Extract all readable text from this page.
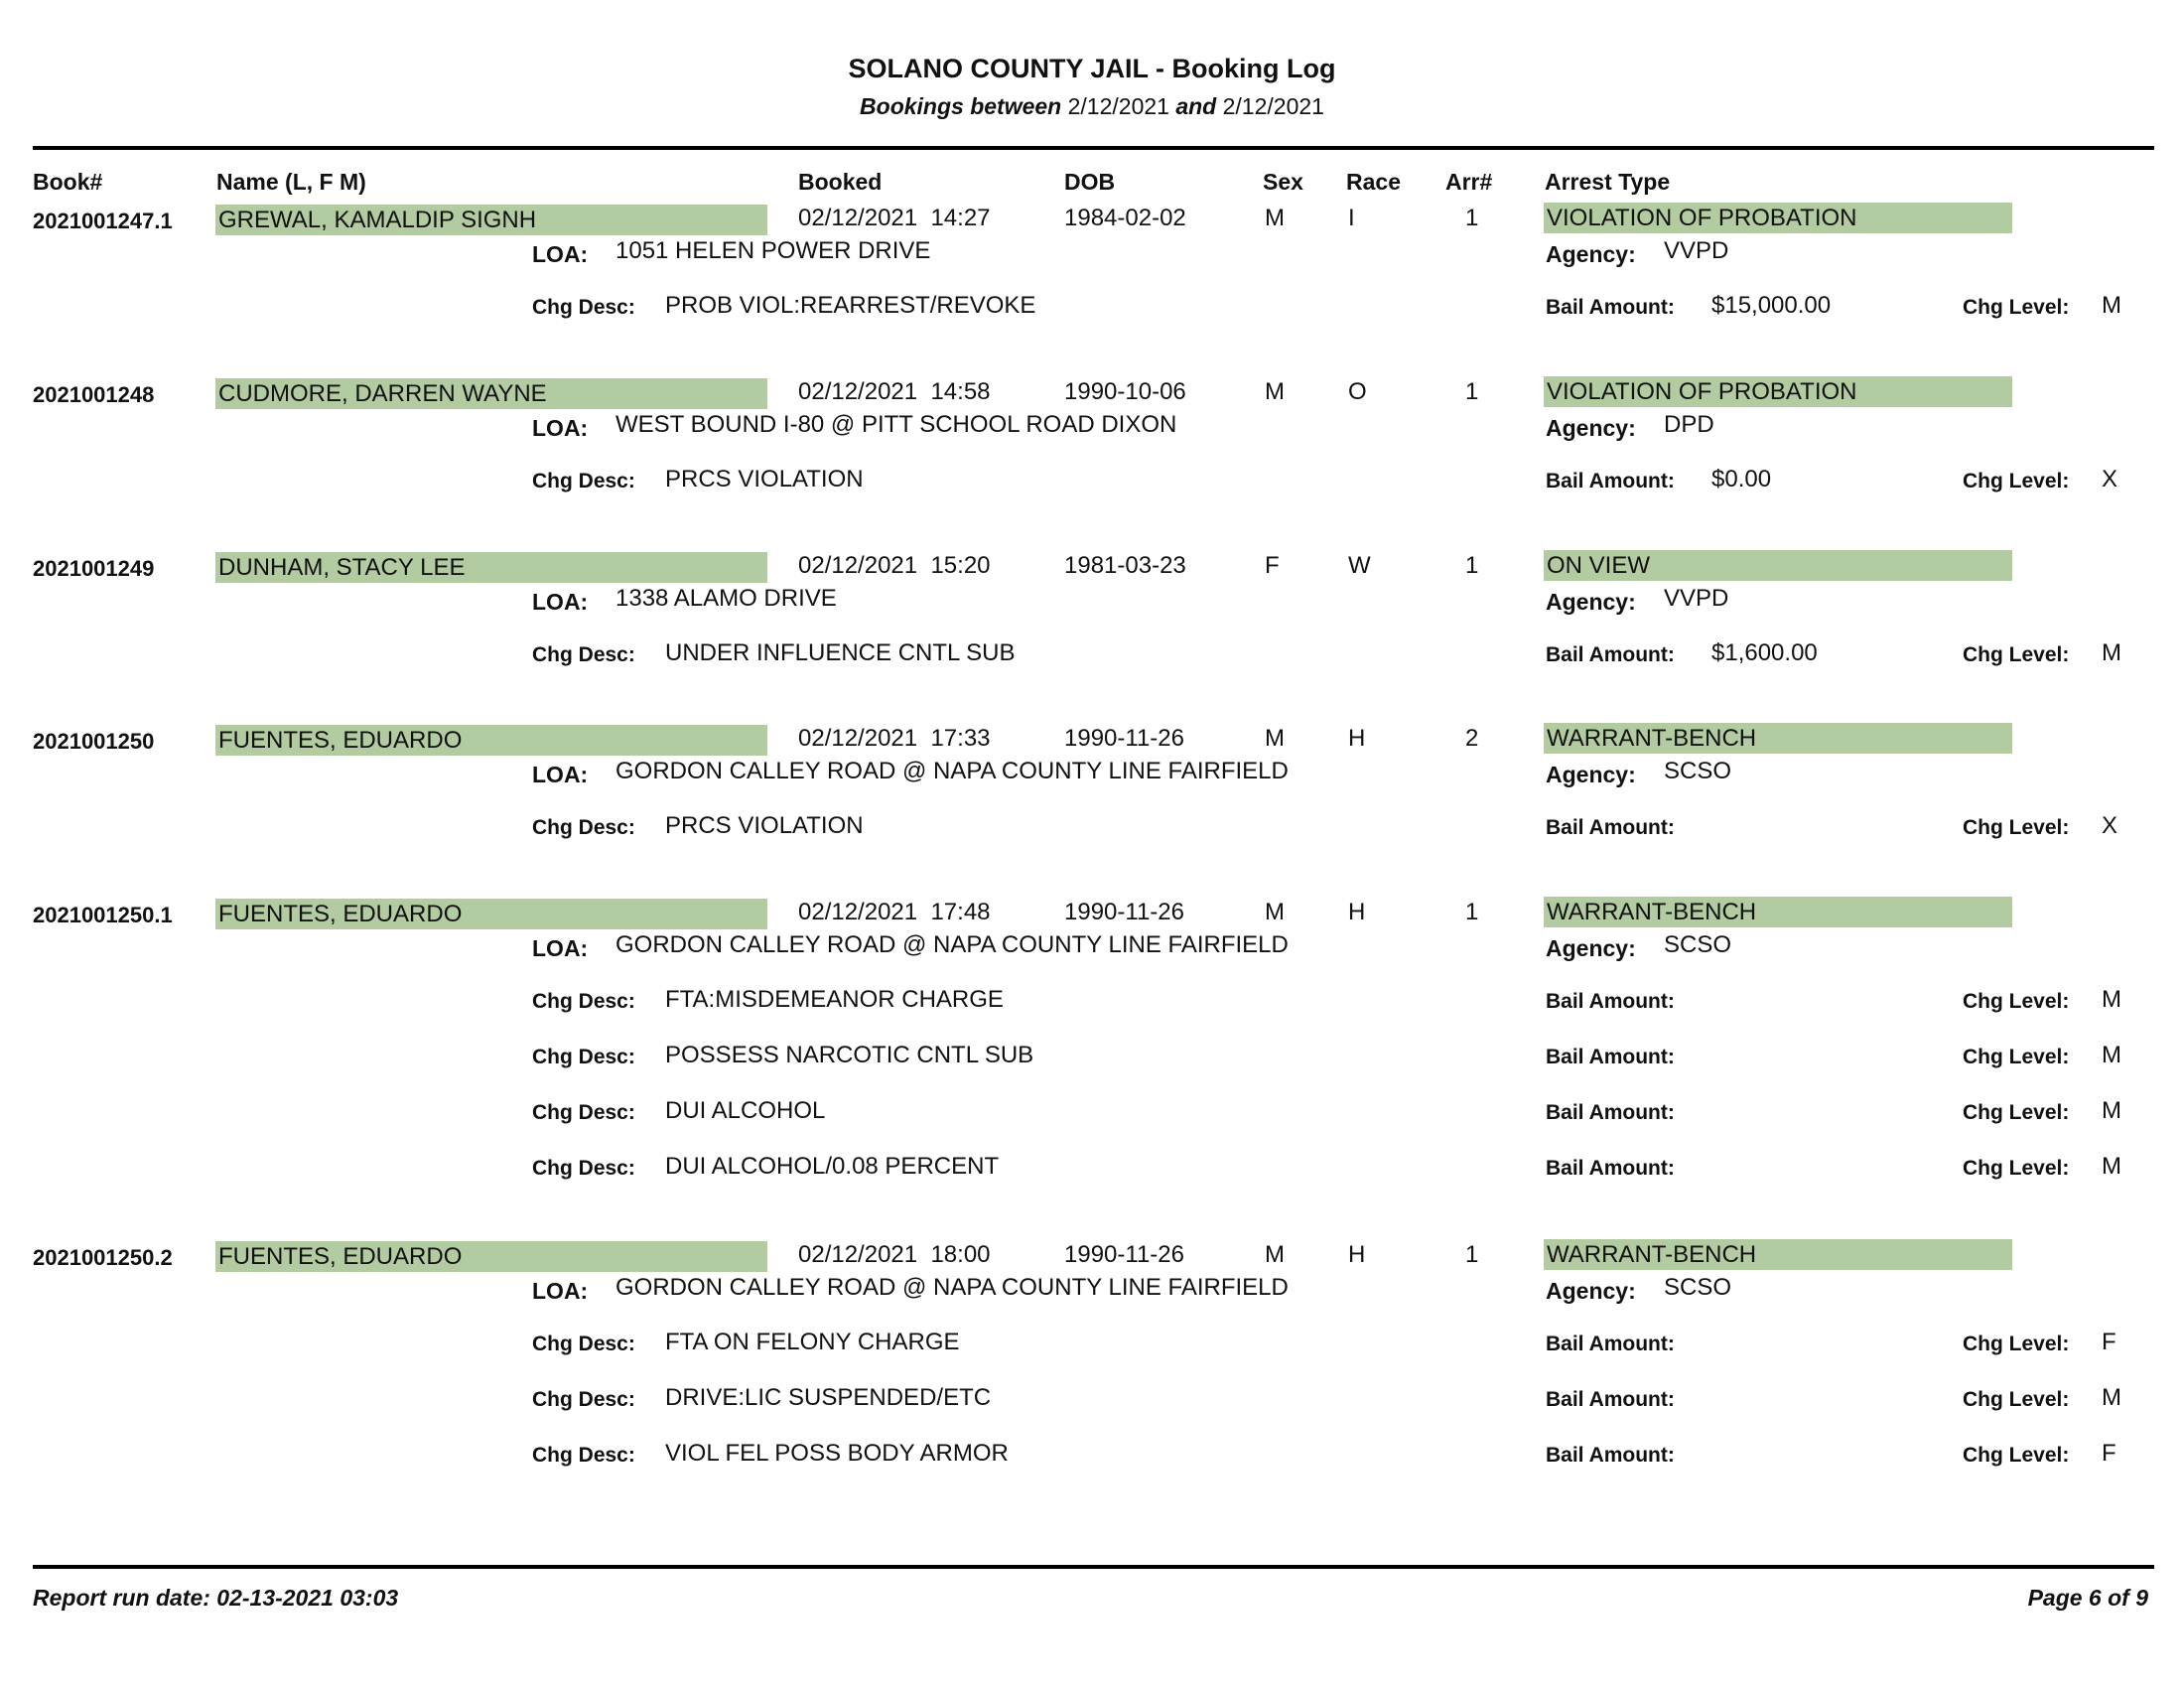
SOLANO COUNTY JAIL - Booking Log
Bookings between 2/12/2021 and 2/12/2021
Book#	Name (L, F M)	Booked	DOB	Sex Race Arr# Arrest Type
2021001247.1 GREWAL, KAMALDIP SIGNH	02/12/2021  14:27	1984-02-02	M	I	1	VIOLATION OF PROBATION
LOA: 1051 HELEN POWER DRIVE	Agency: VVPD
Chg Desc: PROB VIOL:REARREST/REVOKE	Bail Amount: $15,000.00	Chg Level: M
2021001248	CUDMORE, DARREN WAYNE	02/12/2021  14:58	1990-10-06	M	O	1	VIOLATION OF PROBATION
LOA: WEST BOUND I-80 @ PITT SCHOOL ROAD DIXON	Agency: DPD
Chg Desc: PRCS VIOLATION	Bail Amount: $0.00	Chg Level: X
2021001249	DUNHAM, STACY LEE	02/12/2021  15:20	1981-03-23	F	W	1	ON VIEW
LOA: 1338 ALAMO DRIVE	Agency: VVPD
Chg Desc: UNDER INFLUENCE CNTL SUB	Bail Amount: $1,600.00	Chg Level: M
2021001250	FUENTES, EDUARDO	02/12/2021  17:33	1990-11-26	M	H	2	WARRANT-BENCH
LOA: GORDON CALLEY ROAD @ NAPA COUNTY LINE FAIRFIELD	Agency: SCSO
Chg Desc: PRCS VIOLATION	Bail Amount:	Chg Level: X
2021001250.1 FUENTES, EDUARDO	02/12/2021  17:48	1990-11-26	M	H	1	WARRANT-BENCH
LOA: GORDON CALLEY ROAD @ NAPA COUNTY LINE FAIRFIELD	Agency: SCSO
Chg Desc: FTA:MISDEMEANOR CHARGE	Bail Amount:	Chg Level: M
Chg Desc: POSSESS NARCOTIC CNTL SUB	Bail Amount:	Chg Level: M
Chg Desc: DUI ALCOHOL	Bail Amount:	Chg Level: M
Chg Desc: DUI ALCOHOL/0.08 PERCENT	Bail Amount:	Chg Level: M
2021001250.2 FUENTES, EDUARDO	02/12/2021  18:00	1990-11-26	M	H	1	WARRANT-BENCH
LOA: GORDON CALLEY ROAD @ NAPA COUNTY LINE FAIRFIELD	Agency: SCSO
Chg Desc: FTA ON FELONY CHARGE	Bail Amount:	Chg Level: F
Chg Desc: DRIVE:LIC SUSPENDED/ETC	Bail Amount:	Chg Level: M
Chg Desc: VIOL FEL POSS BODY ARMOR	Bail Amount:	Chg Level: F
Report run date: 02-13-2021 03:03	Page 6 of 9
